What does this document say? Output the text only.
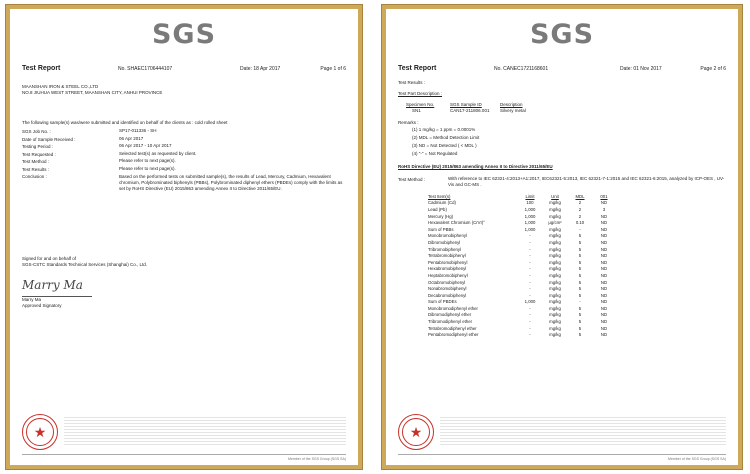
SGS
Test Report	No. SHAEC1706444107	Date: 18 Apr 2017	Page 1 of 6
MAANSHAN IRON & STEEL CO.,LTD
NO.8 JIUHUA WEST STREET, MAANSHAN CITY, ANHUI PROVINCE
The following sample(s) was/were submitted and identified on behalf of the clients as : cold rolled sheet
SGS Job No. :	SP17-011336 - SH
Date of Sample Received :	06 Apr 2017
Testing Period :	06 Apr 2017 - 10 Apr 2017
Test Requested :	Selected test(s) as requested by client.
Test Method :	Please refer to next page(s).
Test Results :	Please refer to next page(s).
Conclusion :	Based on the performed tests on submitted sample(s), the results of Lead, Mercury, Cadmium, Hexavalent chromium, Polybrominated biphenyls (PBBs), Polybrominated diphenyl ethers (PBDEs) comply with the limits as set by RoHS Directive (EU) 2015/863 amending Annex II to Directive 2011/65/EU.
Signed for and on behalf of
SGS-CSTC Standards Technical Services (Shanghai) Co., Ltd.
Marry Ma
Marry Ma
Approved Signatory
★
Member of the SGS Group (SGS SA)
SGS
Test Report	No. CANEC1721168601	Date: 01 Nov 2017	Page 2 of 6
Test Results :
Test Part Description :
Specimen No.	SGS Sample ID	Description
SN1	CAN17-211806.001	Silvery metal
Remarks :
(1) 1 mg/kg = 1 ppm = 0.0001%
(2) MDL = Method Detection Limit
(3) ND = Not Detected ( < MDL )
(4) "-" = Not Regulated
RoHS Directive (EU) 2015/863 amending Annex II to Directive 2011/65/EU
Test Method :	With reference to IEC 62321-4:2013+A1:2017, IEC62321-5:2013, IEC 62321-7-1:2015 and IEC 62321-6:2015, analyzed by ICP-OES , UV-Vis and GC-MS .
Test Item(s)	Limit	Unit	MDL	001
Cadmium (Cd)	100	mg/kg	2	ND
Lead (Pb)	1,000	mg/kg	2	3
Mercury (Hg)	1,000	mg/kg	2	ND
Hexavalent Chromium (CrVI)°	1,000	μg/cm²	0.10	ND
Sum of PBBs	1,000	mg/kg	-	ND
Monobromobiphenyl	-	mg/kg	5	ND
Dibromobiphenyl	-	mg/kg	5	ND
Tribromobiphenyl	-	mg/kg	5	ND
Tetrabromobiphenyl	-	mg/kg	5	ND
Pentabromobiphenyl	-	mg/kg	5	ND
Hexabromobiphenyl	-	mg/kg	5	ND
Heptabromobiphenyl	-	mg/kg	5	ND
Octabromobiphenyl	-	mg/kg	5	ND
Nonabromobiphenyl	-	mg/kg	5	ND
Decabromobiphenyl	-	mg/kg	5	ND
Sum of PBDEs	1,000	mg/kg	-	ND
Monobromodiphenyl ether	-	mg/kg	5	ND
Dibromodiphenyl ether	-	mg/kg	5	ND
Tribromodiphenyl ether	-	mg/kg	5	ND
Tetrabromodiphenyl ether	-	mg/kg	5	ND
Pentabromodiphenyl ether	-	mg/kg	5	ND
★
Member of the SGS Group (SGS SA)
